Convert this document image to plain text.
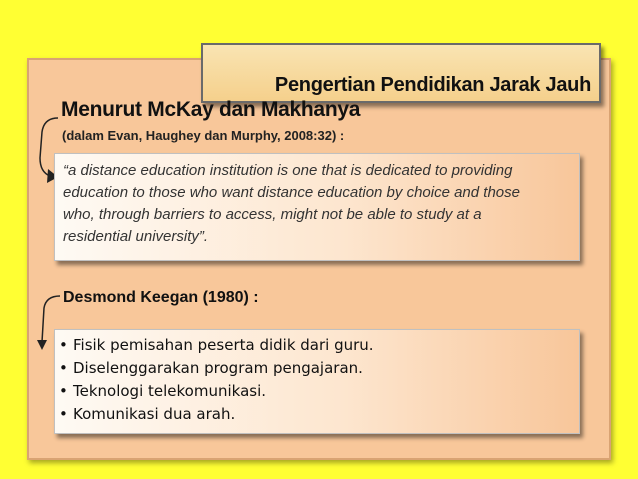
Pengertian Pendidikan Jarak Jauh
Menurut McKay dan Makhanya
(dalam Evan, Haughey dan Murphy, 2008:32) :
“a distance education institution is one that is dedicated to providing
education to those who want distance education by choice and those
who, through barriers to access, might not be able to study at a
residential university”.
Desmond Keegan (1980) :
• Fisik pemisahan peserta didik dari guru.
• Diselenggarakan program pengajaran.
• Teknologi telekomunikasi.
• Komunikasi dua arah.
